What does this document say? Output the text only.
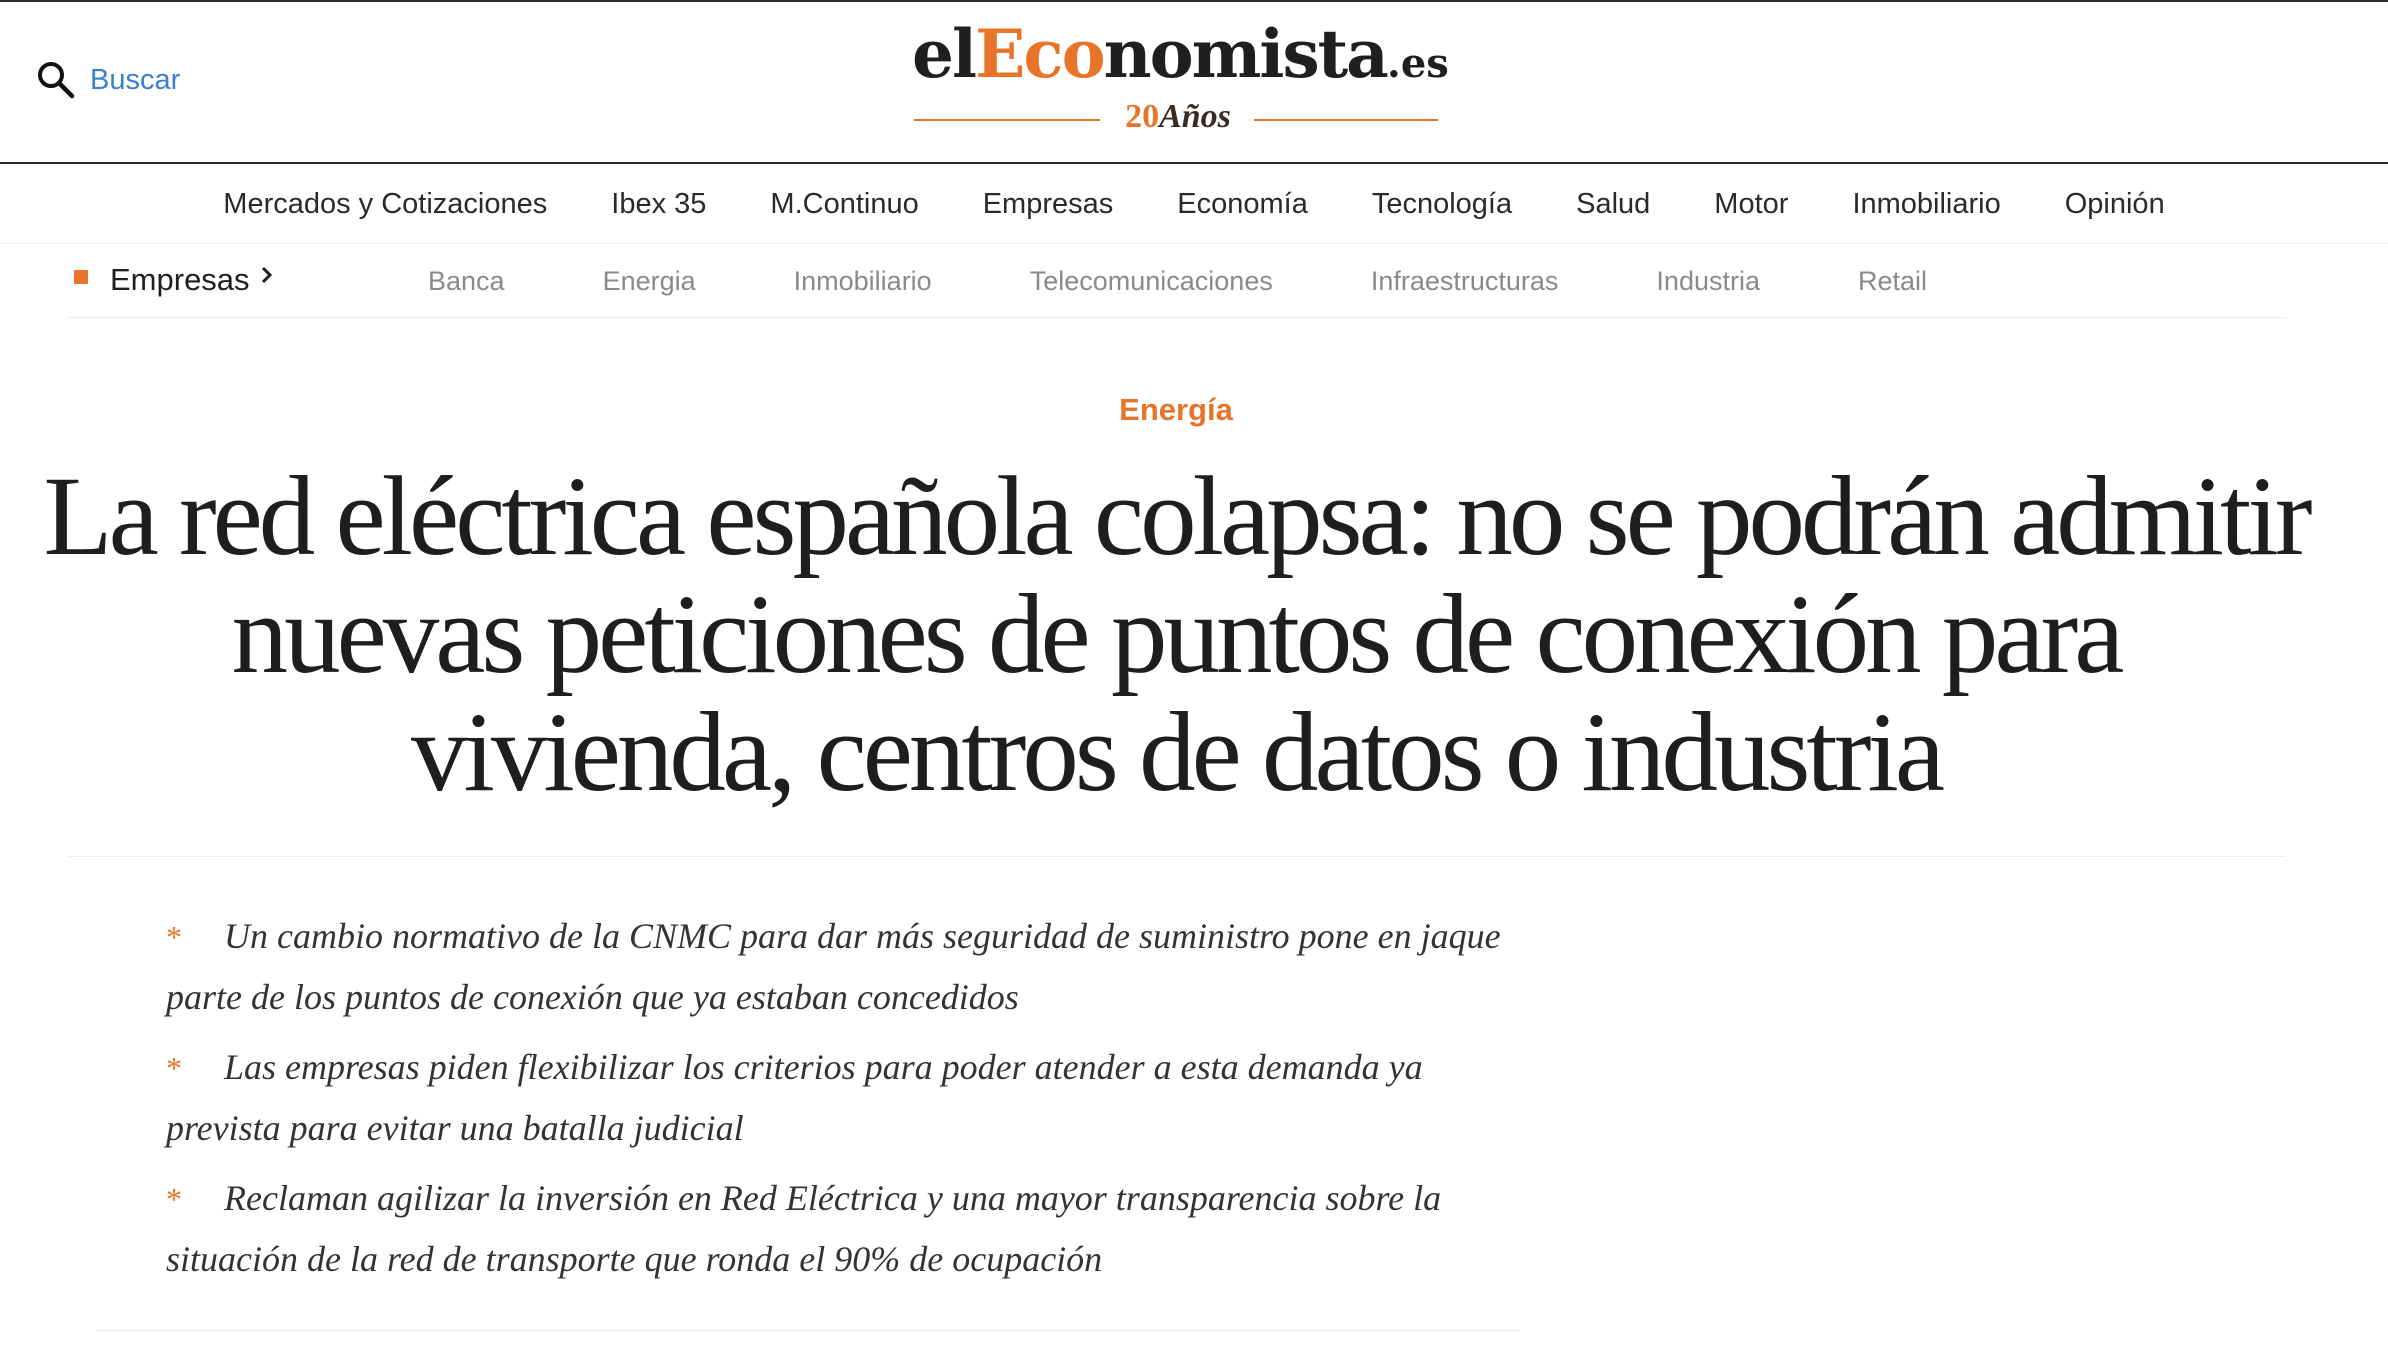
Buscar	elEconomista.es
20Años
Mercados y Cotizaciones Ibex 35 M.Continuo Empresas Economía Tecnología Salud Motor Inmobiliario Opinión
Empresas	Banca	Energia	Inmobiliario	Telecomunicaciones	Infraestructuras	Industria	Retail
Energía
La red eléctrica española colapsa: no se podrán admitir nuevas peticiones de puntos de conexión para vivienda, centros de datos o industria
* Un cambio normativo de la CNMC para dar más seguridad de suministro pone en jaque parte de los puntos de conexión que ya estaban concedidos
* Las empresas piden flexibilizar los criterios para poder atender a esta demanda ya prevista para evitar una batalla judicial
* Reclaman agilizar la inversión en Red Eléctrica y una mayor transparencia sobre la situación de la red de transporte que ronda el 90% de ocupación
